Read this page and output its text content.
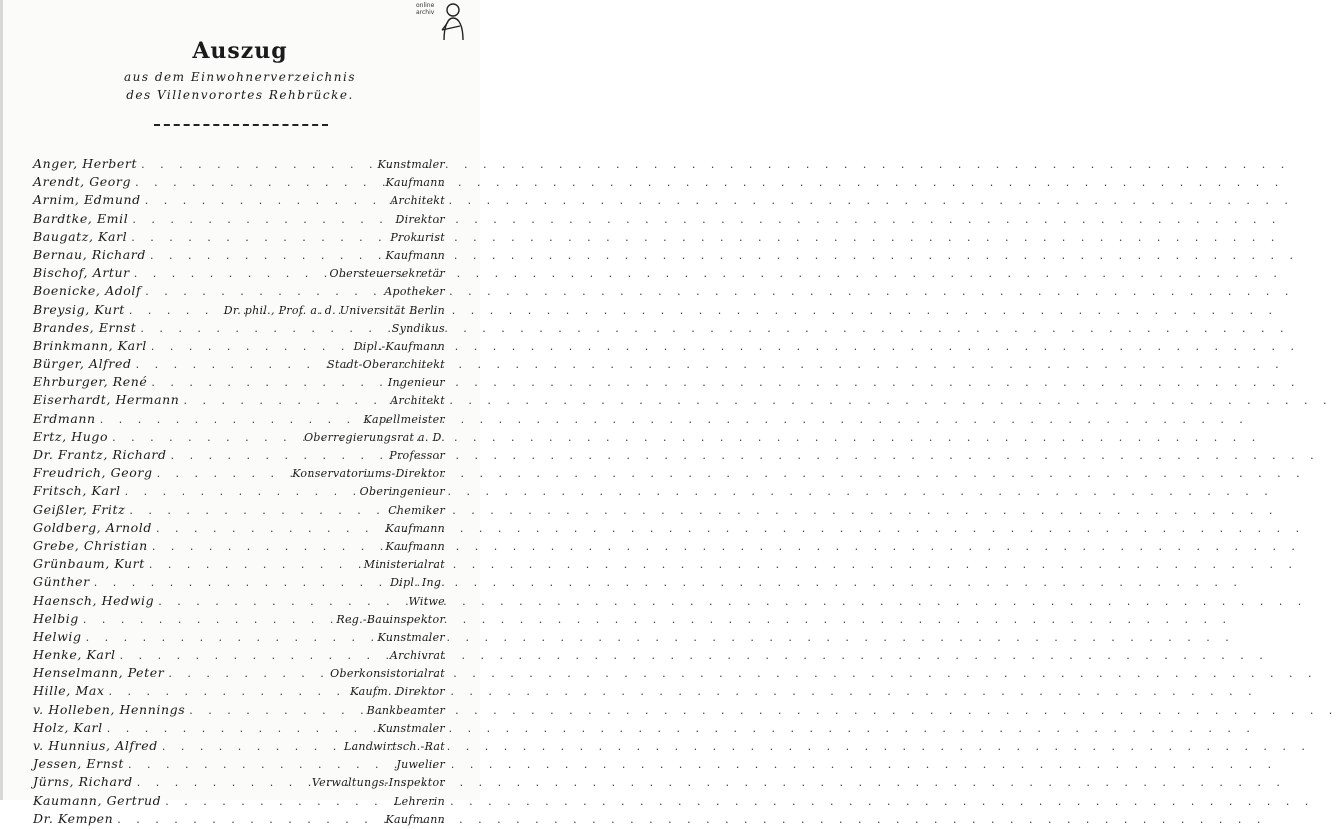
online
archiv
Auszug
aus dem Einwohnerverzeichnis
des Villenvorortes Rehbrücke.
Anger, Herbert . . .	Kunstmaler
Arendt, Georg . . .	Kaufmann
Arnim, Edmund . . .	Architekt
Bardtke, Emil . . .	Direktor
Baugatz, Karl . . .	Prokurist
Bernau, Richard . . .	Kaufmann
Bischof, Artur . . .	Obersteuersekretär
Boenicke, Adolf . . .	Apotheker
Breysig, Kurt . . .	Dr. phil., Prof. a. d. Universität Berlin
Brandes, Ernst . . .	Syndikus
Brinkmann, Karl . . .	Dipl.-Kaufmann
Bürger, Alfred . . .	Stadt-Oberarchitekt
Ehrburger, René . . .	Ingenieur
Eiserhardt, Hermann . . .	Architekt
Erdmann . . .	Kapellmeister
Ertz, Hugo . . .	Oberregierungsrat a. D.
Dr. Frantz, Richard . . .	Professor
Freudrich, Georg . . .	Konservatoriums-Direktor
Fritsch, Karl . . .	Oberingenieur
Geißler, Fritz . . .	Chemiker
Goldberg, Arnold . . .	Kaufmann
Grebe, Christian . . .	Kaufmann
Grünbaum, Kurt . . .	Ministerialrat
Günther . . .	Dipl. Ing.
Haensch, Hedwig . . .	Witwe
Helbig . . .	Reg.-Bauinspektor
Helwig . . .	Kunstmaler
Henke, Karl . . .	Archivrat
Henselmann, Peter . . .	Oberkonsistorialrat
Hille, Max . . .	Kaufm. Direktor
v. Holleben, Hennings . . .	Bankbeamter
Holz, Karl . . .	Kunstmaler
v. Hunnius, Alfred . . .	Landwirtsch.-Rat
Jessen, Ernst . . .	Juwelier
Jürns, Richard . . .	Verwaltungs-Inspektor
Kaumann, Gertrud . . .	Lehrerin
Dr. Kempen . . .	Kaufmann
